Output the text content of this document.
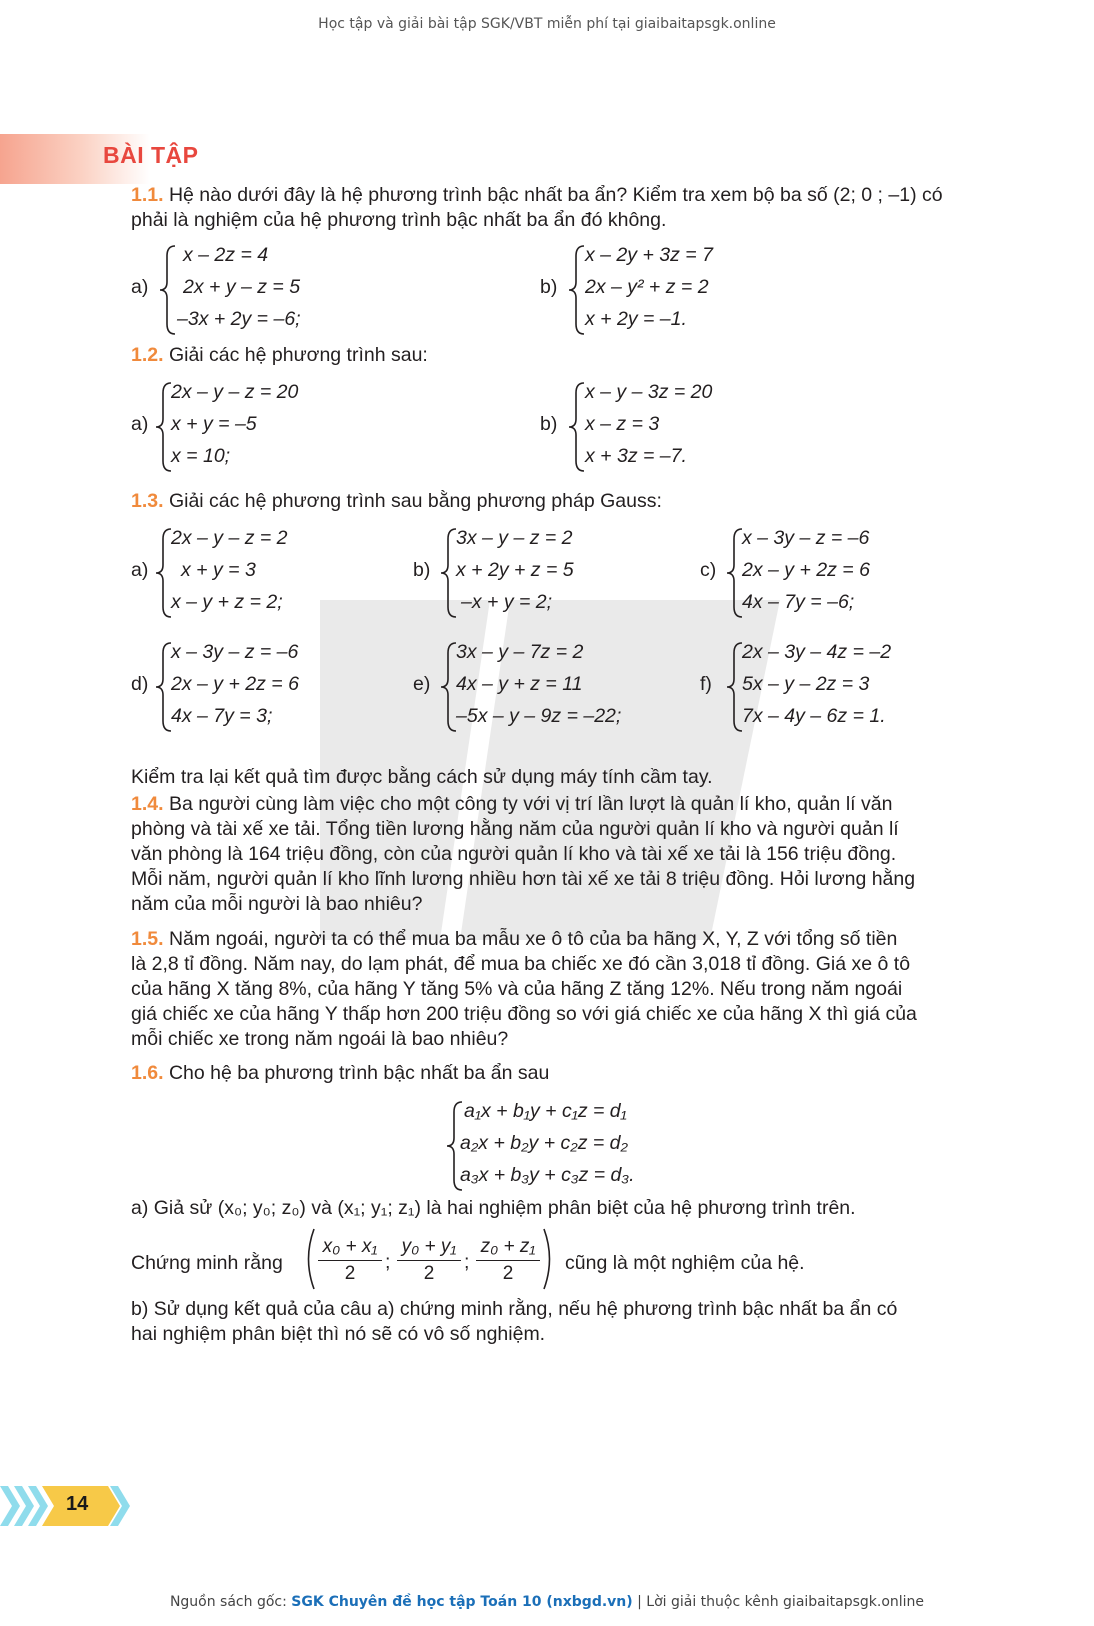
Học tập và giải bài tập SGK/VBT miễn phí tại giaibaitapsgk.online
BÀI TẬP
1.1. Hệ nào dưới đây là hệ phương trình bậc nhất ba ẩn? Kiểm tra xem bộ ba số (2; 0 ; –1) có
phải là nghiệm của hệ phương trình bậc nhất ba ẩn đó không.
a)
x – 2z = 4
2x + y – z = 5
–3x + 2y = –6;
b)
x – 2y + 3z = 7
2x – y² + z = 2
x + 2y = –1.
1.2. Giải các hệ phương trình sau:
a)
2x – y – z = 20
x + y = –5
x = 10;
b)
x – y – 3z = 20
x – z = 3
x + 3z = –7.
1.3. Giải các hệ phương trình sau bằng phương pháp Gauss:
a)
2x – y – z = 2
x + y = 3
x – y + z = 2;
b)
3x – y – z = 2
x + 2y + z = 5
–x + y = 2;
c)
x – 3y – z = –6
2x – y + 2z = 6
4x – 7y = –6;
d)
x – 3y – z = –6
2x – y + 2z = 6
4x – 7y = 3;
e)
3x – y – 7z = 2
4x – y + z = 11
–5x – y – 9z = –22;
f)
2x – 3y – 4z = –2
5x – y – 2z = 3
7x – 4y – 6z = 1.
Kiểm tra lại kết quả tìm được bằng cách sử dụng máy tính cầm tay.
1.4. Ba người cùng làm việc cho một công ty với vị trí lần lượt là quản lí kho, quản lí văn
phòng và tài xế xe tải. Tổng tiền lương hằng năm của người quản lí kho và người quản lí
văn phòng là 164 triệu đồng, còn của người quản lí kho và tài xế xe tải là 156 triệu đồng.
Mỗi năm, người quản lí kho lĩnh lương nhiều hơn tài xế xe tải 8 triệu đồng. Hỏi lương hằng
năm của mỗi người là bao nhiêu?
1.5. Năm ngoái, người ta có thể mua ba mẫu xe ô tô của ba hãng X, Y, Z với tổng số tiền
là 2,8 tỉ đồng. Năm nay, do lạm phát, để mua ba chiếc xe đó cần 3,018 tỉ đồng. Giá xe ô tô
của hãng X tăng 8%, của hãng Y tăng 5% và của hãng Z tăng 12%. Nếu trong năm ngoái
giá chiếc xe của hãng Y thấp hơn 200 triệu đồng so với giá chiếc xe của hãng X thì giá của
mỗi chiếc xe trong năm ngoái là bao nhiêu?
1.6. Cho hệ ba phương trình bậc nhất ba ẩn sau
a₁x + b₁y + c₁z = d₁
a₂x + b₂y + c₂z = d₂
a₃x + b₃y + c₃z = d₃.
a) Giả sử (x₀; y₀; z₀) và (x₁; y₁; z₁) là hai nghiệm phân biệt của hệ phương trình trên.
Chứng minh rằng
x₀ + x₁
2
;
y₀ + y₁
2
;
z₀ + z₁
2	cũng là một nghiệm của hệ.
b) Sử dụng kết quả của câu a) chứng minh rằng, nếu hệ phương trình bậc nhất ba ẩn có
hai nghiệm phân biệt thì nó sẽ có vô số nghiệm.
14
Nguồn sách gốc: SGK Chuyên đề học tập Toán 10 (nxbgd.vn) | Lời giải thuộc kênh giaibaitapsgk.online
